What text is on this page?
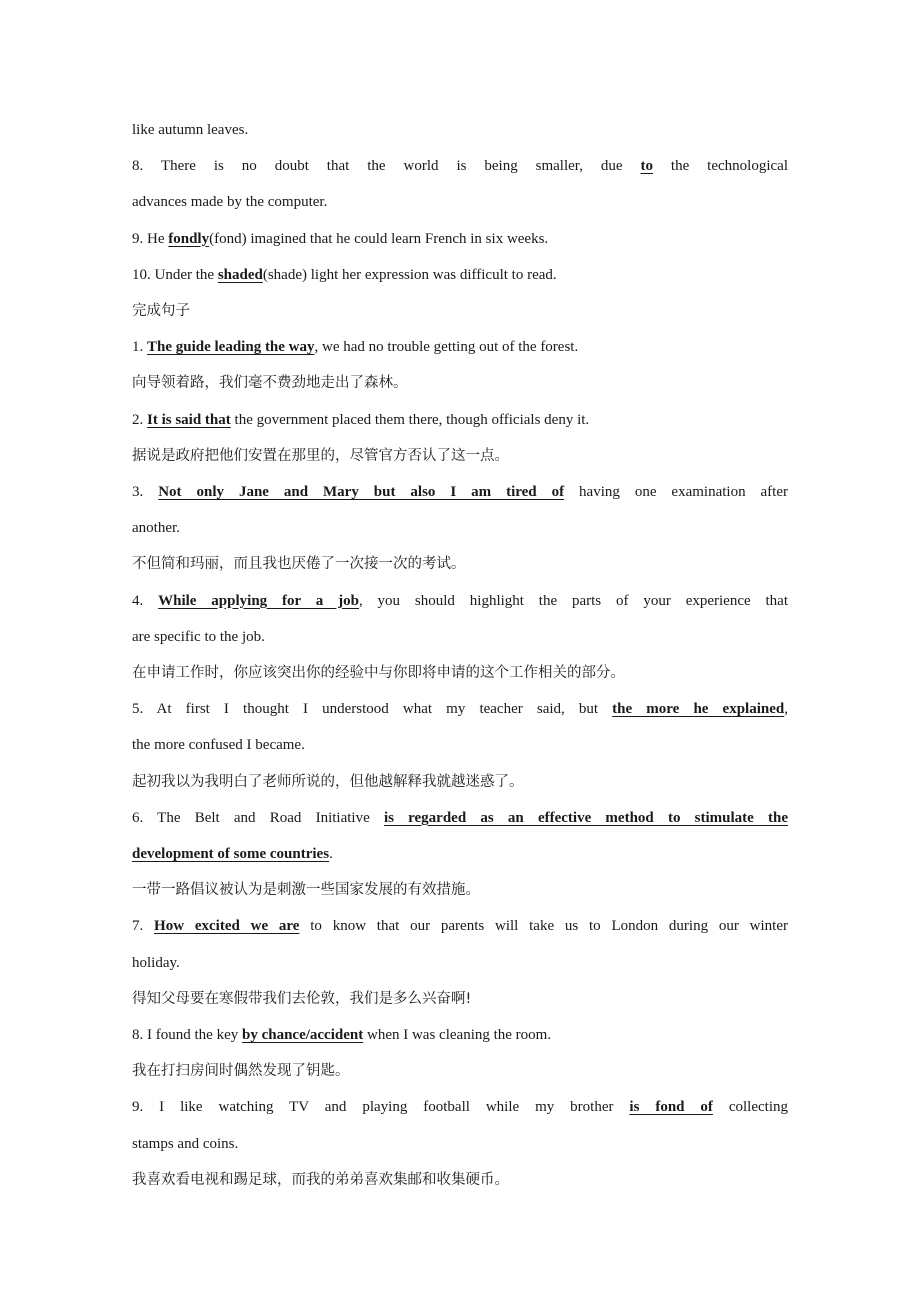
like autumn leaves.
8. There is no doubt that the world is being smaller, due to the technological
advances made by the computer.
9. He fondly(fond) imagined that he could learn French in six weeks.
10. Under the shaded(shade) light her expression was difficult to read.
完成句子
1. The guide leading the way, we had no trouble getting out of the forest.
向导领着路，我们毫不费劲地走出了森林。
2. It is said that the government placed them there, though officials deny it.
据说是政府把他们安置在那里的，尽管官方否认了这一点。
3. Not only Jane and Mary but also I am tired of having one examination after
another.
不但简和玛丽，而且我也厌倦了一次接一次的考试。
4. While applying for a job, you should highlight the parts of your experience that
are specific to the job.
在申请工作时，你应该突出你的经验中与你即将申请的这个工作相关的部分。
5. At first I thought I understood what my teacher said, but the more he explained,
the more confused I became.
起初我以为我明白了老师所说的，但他越解释我就越迷惑了。
6. The Belt and Road Initiative is regarded as an effective method to stimulate the
development of some countries.
一带一路倡议被认为是刺激一些国家发展的有效措施。
7. How excited we are to know that our parents will take us to London during our winter
holiday.
得知父母要在寒假带我们去伦敦，我们是多么兴奋啊!
8. I found the key by chance/accident when I was cleaning the room.
我在打扫房间时偶然发现了钥匙。
9. I like watching TV and playing football while my brother is fond of collecting
stamps and coins.
我喜欢看电视和踢足球，而我的弟弟喜欢集邮和收集硬币。
